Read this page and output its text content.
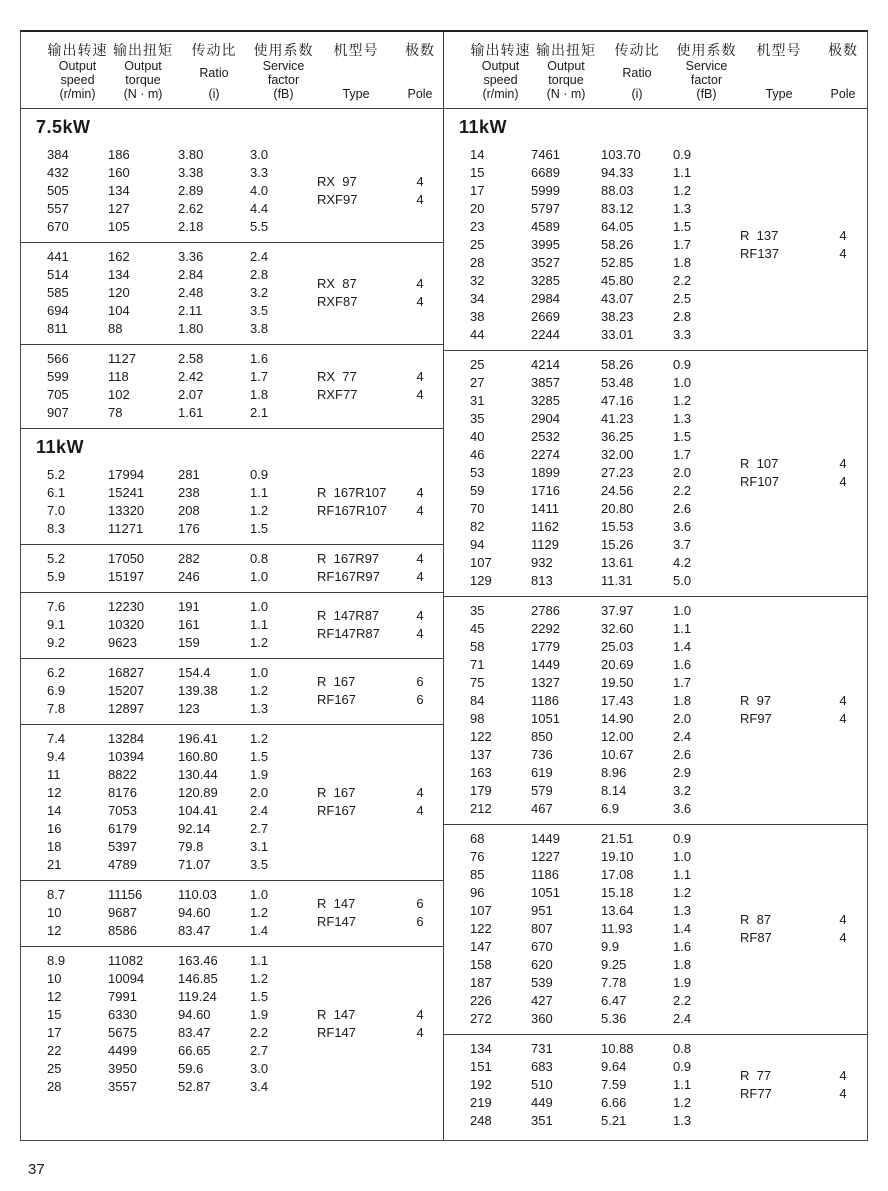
输出转速
Output speed
(r/min)
输出扭矩
Output torque
(N · m)
传动比
Ratio
(i)
使用系数
Service factor
(fB)
机型号
Type
极数
Pole
7.5kW
384	186	3.80	3.0
432	160	3.38	3.3
505	134	2.89	4.0
557	127	2.62	4.4
670	105	2.18	5.5
RX  97	4
RXF97	4
441	162	3.36	2.4
514	134	2.84	2.8
585	120	2.48	3.2
694	104	2.11	3.5
811	88	1.80	3.8
RX  87	4
RXF87	4
566	1127	2.58	1.6
599	118	2.42	1.7
705	102	2.07	1.8
907	78	1.61	2.1
RX  77	4
RXF77	4
11kW
5.2	17994	281	0.9
6.1	15241	238	1.1
7.0	13320	208	1.2
8.3	11271	176	1.5
R  167R107	4
RF167R107	4
5.2	17050	282	0.8
5.9	15197	246	1.0
R  167R97	4
RF167R97	4
7.6	12230	191	1.0
9.1	10320	161	1.1
9.2	9623	159	1.2
R  147R87	4
RF147R87	4
6.2	16827	154.4	1.0
6.9	15207	139.38	1.2
7.8	12897	123	1.3
R  167	6
RF167	6
7.4	13284	196.41	1.2
9.4	10394	160.80	1.5
11	8822	130.44	1.9
12	8176	120.89	2.0
14	7053	104.41	2.4
16	6179	92.14	2.7
18	5397	79.8	3.1
21	4789	71.07	3.5
R  167	4
RF167	4
8.7	11156	110.03	1.0
10	9687	94.60	1.2
12	8586	83.47	1.4
R  147	6
RF147	6
8.9	11082	163.46	1.1
10	10094	146.85	1.2
12	7991	119.24	1.5
15	6330	94.60	1.9
17	5675	83.47	2.2
22	4499	66.65	2.7
25	3950	59.6	3.0
28	3557	52.87	3.4
R  147	4
RF147	4
输出转速
Output speed
(r/min)
输出扭矩
Output torque
(N · m)
传动比
Ratio
(i)
使用系数
Service factor
(fB)
机型号
Type
极数
Pole
11kW
14	7461	103.70	0.9
15	6689	94.33	1.1
17	5999	88.03	1.2
20	5797	83.12	1.3
23	4589	64.05	1.5
25	3995	58.26	1.7
28	3527	52.85	1.8
32	3285	45.80	2.2
34	2984	43.07	2.5
38	2669	38.23	2.8
44	2244	33.01	3.3
R  137	4
RF137	4
25	4214	58.26	0.9
27	3857	53.48	1.0
31	3285	47.16	1.2
35	2904	41.23	1.3
40	2532	36.25	1.5
46	2274	32.00	1.7
53	1899	27.23	2.0
59	1716	24.56	2.2
70	1411	20.80	2.6
82	1162	15.53	3.6
94	1129	15.26	3.7
107	932	13.61	4.2
129	813	11.31	5.0
R  107	4
RF107	4
35	2786	37.97	1.0
45	2292	32.60	1.1
58	1779	25.03	1.4
71	1449	20.69	1.6
75	1327	19.50	1.7
84	1186	17.43	1.8
98	1051	14.90	2.0
122	850	12.00	2.4
137	736	10.67	2.6
163	619	8.96	2.9
179	579	8.14	3.2
212	467	6.9	3.6
R  97	4
RF97	4
68	1449	21.51	0.9
76	1227	19.10	1.0
85	1186	17.08	1.1
96	1051	15.18	1.2
107	951	13.64	1.3
122	807	11.93	1.4
147	670	9.9	1.6
158	620	9.25	1.8
187	539	7.78	1.9
226	427	6.47	2.2
272	360	5.36	2.4
R  87	4
RF87	4
134	731	10.88	0.8
151	683	9.64	0.9
192	510	7.59	1.1
219	449	6.66	1.2
248	351	5.21	1.3
R  77	4
RF77	4
37
